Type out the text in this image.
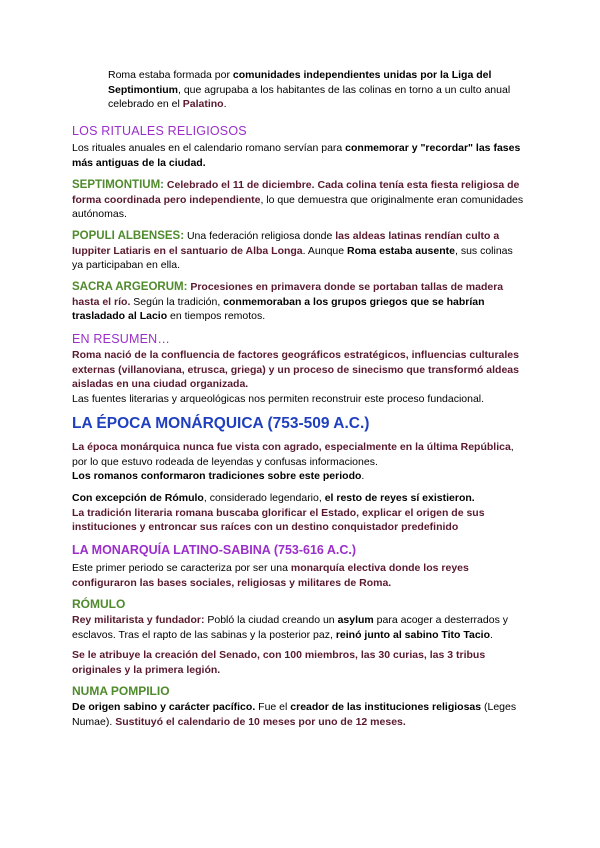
Roma estaba formada por comunidades independientes unidas por la Liga del Septimontium, que agrupaba a los habitantes de las colinas en torno a un culto anual celebrado en el Palatino.

LOS RITUALES RELIGIOSOS

Los rituales anuales en el calendario romano servían para conmemorar y "recordar" las fases más antiguas de la ciudad.

SEPTIMONTIUM: Celebrado el 11 de diciembre. Cada colina tenía esta fiesta religiosa de forma coordinada pero independiente, lo que demuestra que originalmente eran comunidades autónomas.

POPULI ALBENSES: Una federación religiosa donde las aldeas latinas rendían culto a Iuppiter Latiaris en el santuario de Alba Longa. Aunque Roma estaba ausente, sus colinas ya participaban en ella.

SACRA ARGEORUM: Procesiones en primavera donde se portaban tallas de madera hasta el río. Según la tradición, conmemoraban a los grupos griegos que se habrían trasladado al Lacio en tiempos remotos.

EN RESUMEN…

Roma nació de la confluencia de factores geográficos estratégicos, influencias culturales externas (villanoviana, etrusca, griega) y un proceso de sinecismo que transformó aldeas aisladas en una ciudad organizada.
Las fuentes literarias y arqueológicas nos permiten reconstruir este proceso fundacional.

LA ÉPOCA MONÁRQUICA (753-509 A.C.)

La época monárquica nunca fue vista con agrado, especialmente en la última República, por lo que estuvo rodeada de leyendas y confusas informaciones.
Los romanos conformaron tradiciones sobre este periodo.

Con excepción de Rómulo, considerado legendario, el resto de reyes sí existieron.
La tradición literaria romana buscaba glorificar el Estado, explicar el origen de sus instituciones y entroncar sus raíces con un destino conquistador predefinido

LA MONARQUÍA LATINO-SABINA (753-616 A.C.)

Este primer periodo se caracteriza por ser una monarquía electiva donde los reyes configuraron las bases sociales, religiosas y militares de Roma.

RÓMULO

Rey militarista y fundador: Pobló la ciudad creando un asylum para acoger a desterrados y esclavos. Tras el rapto de las sabinas y la posterior paz, reinó junto al sabino Tito Tacio.

Se le atribuye la creación del Senado, con 100 miembros, las 30 curias, las 3 tribus originales y la primera legión.

NUMA POMPILIO

De origen sabino y carácter pacífico. Fue el creador de las instituciones religiosas (Leges Numae). Sustituyó el calendario de 10 meses por uno de 12 meses.
